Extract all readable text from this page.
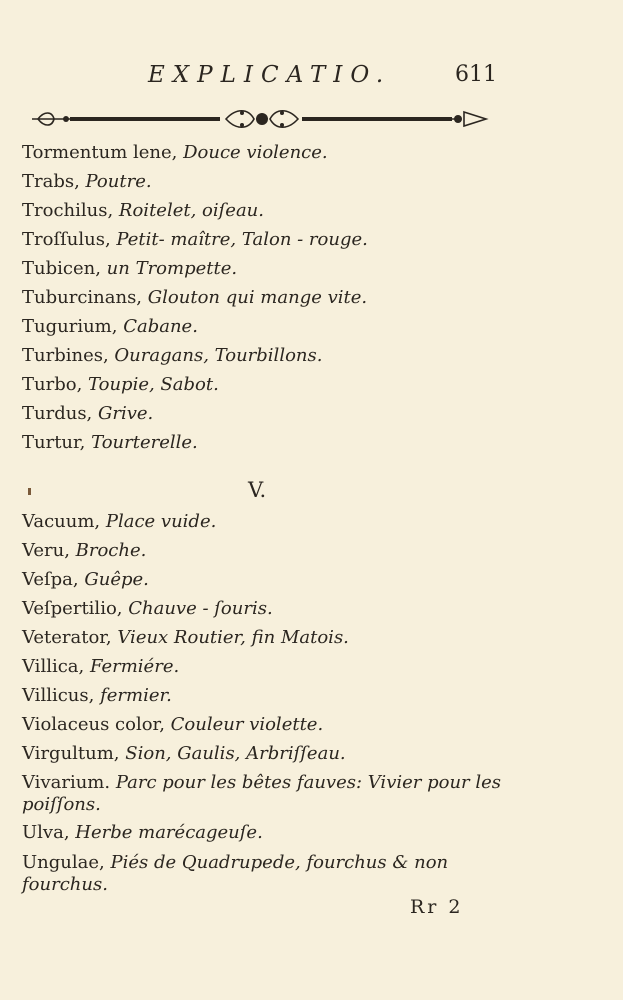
EXPLICATIO.	611
Tormentum lene, Douce violence.
Trabs, Poutre.
Trochilus, Roitelet, oiſeau.
Troſſulus, Petit- maître, Talon - rouge.
Tubicen, un Trompette.
Tuburcinans, Glouton qui mange vite.
Tugurium, Cabane.
Turbines, Ouragans, Tourbillons.
Turbo, Toupie, Sabot.
Turdus, Grive.
Turtur, Tourterelle.
Vacuum, Place vuide.
Veru, Broche.
Veſpa, Guêpe.
Veſpertilio, Chauve - ſouris.
Veterator, Vieux Routier, fin Matois.
Villica, Fermiére.
Villicus, fermier.
Violaceus color, Couleur violette.
Virgultum, Sion, Gaulis, Arbriſſeau.
Vivarium. Parc pour les bêtes fauves: Vivier pour les poiſſons.
Ulva, Herbe marécageuſe.
Ungulae, Piés de Quadrupede, fourchus & non fourchus.
V.
Rr 2
